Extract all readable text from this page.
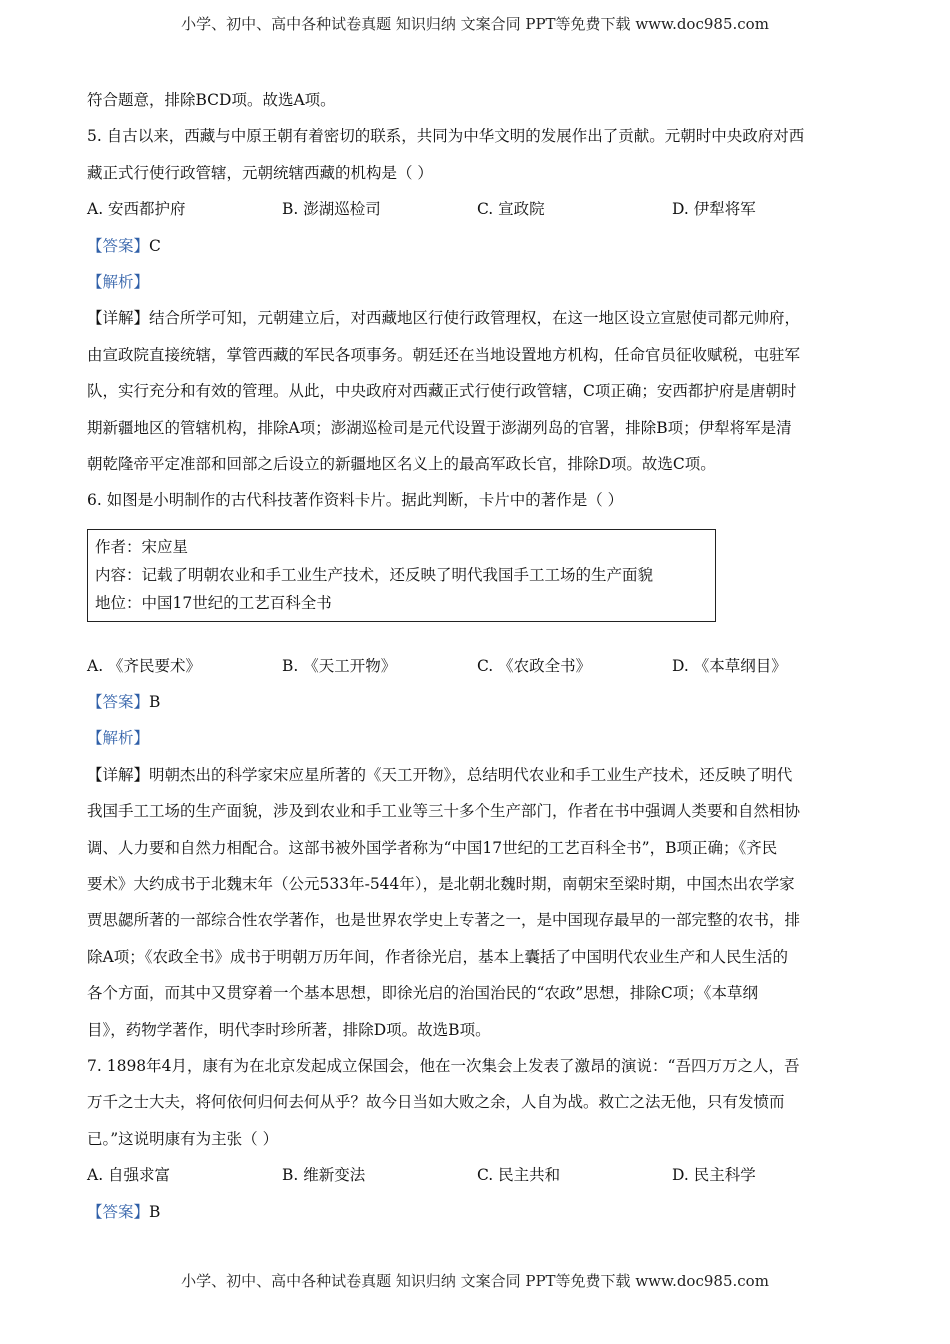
小学、初中、高中各种试卷真题 知识归纳 文案合同 PPT等免费下载 www.doc985.com
符合题意，排除BCD项。故选A项。
5. 自古以来，西藏与中原王朝有着密切的联系，共同为中华文明的发展作出了贡献。元朝时中央政府对西
藏正式行使行政管辖，元朝统辖西藏的机构是（ ）
A. 安西都护府	B. 澎湖巡检司	C. 宣政院	D. 伊犁将军
【答案】C
【解析】
【详解】结合所学可知，元朝建立后，对西藏地区行使行政管理权，在这一地区设立宣慰使司都元帅府，
由宣政院直接统辖，掌管西藏的军民各项事务。朝廷还在当地设置地方机构，任命官员征收赋税，屯驻军
队，实行充分和有效的管理。从此，中央政府对西藏正式行使行政管辖，C项正确；安西都护府是唐朝时
期新疆地区的管辖机构，排除A项；澎湖巡检司是元代设置于澎湖列岛的官署，排除B项；伊犁将军是清
朝乾隆帝平定准部和回部之后设立的新疆地区名义上的最高军政长官，排除D项。故选C项。
6. 如图是小明制作的古代科技著作资料卡片。据此判断，卡片中的著作是（ ）
作者：宋应星
内容：记载了明朝农业和手工业生产技术，还反映了明代我国手工工场的生产面貌
地位：中国17世纪的工艺百科全书
A. 《齐民要术》	B. 《天工开物》	C. 《农政全书》	D. 《本草纲目》
【答案】B
【解析】
【详解】明朝杰出的科学家宋应星所著的《天工开物》，总结明代农业和手工业生产技术，还反映了明代
我国手工工场的生产面貌，涉及到农业和手工业等三十多个生产部门，作者在书中强调人类要和自然相协
调、人力要和自然力相配合。这部书被外国学者称为“中国17世纪的工艺百科全书”，B项正确；《齐民
要术》大约成书于北魏末年（公元533年-544年），是北朝北魏时期，南朝宋至梁时期，中国杰出农学家
贾思勰所著的一部综合性农学著作，也是世界农学史上专著之一，是中国现存最早的一部完整的农书，排
除A项；《农政全书》成书于明朝万历年间，作者徐光启，基本上囊括了中国明代农业生产和人民生活的
各个方面，而其中又贯穿着一个基本思想，即徐光启的治国治民的“农政”思想，排除C项；《本草纲
目》，药物学著作，明代李时珍所著，排除D项。故选B项。
7. 1898年4月，康有为在北京发起成立保国会，他在一次集会上发表了激昂的演说：“吾四万万之人，吾
万千之士大夫，将何依何归何去何从乎？故今日当如大败之余，人自为战。救亡之法无他，只有发愤而
已。”这说明康有为主张（ ）
A. 自强求富	B. 维新变法	C. 民主共和	D. 民主科学
【答案】B
小学、初中、高中各种试卷真题 知识归纳 文案合同 PPT等免费下载 www.doc985.com
